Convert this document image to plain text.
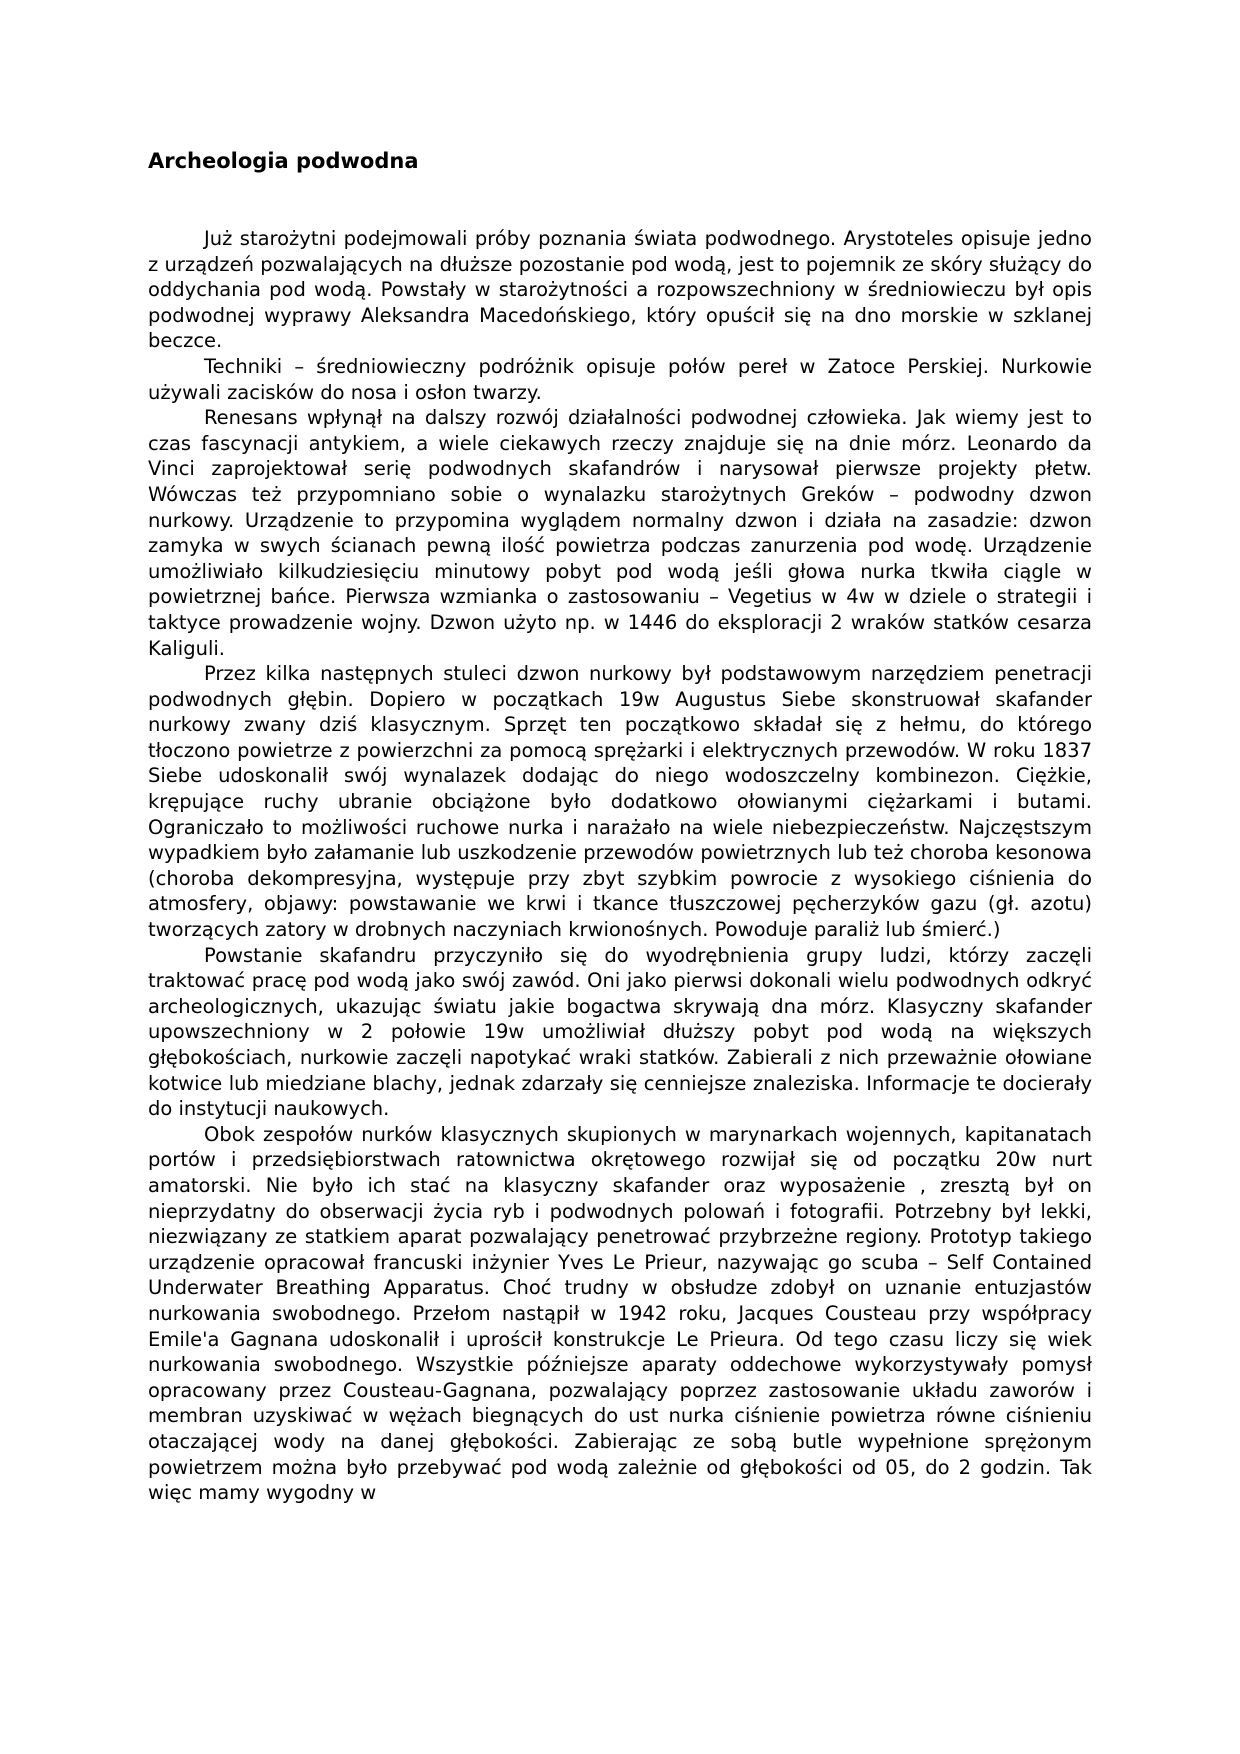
Archeologia podwodna

Już starożytni podejmowali próby poznania świata podwodnego. Arystoteles opisuje jedno z urządzeń pozwalających na dłuższe pozostanie pod wodą, jest to pojemnik ze skóry służący do oddychania pod wodą. Powstały w starożytności a rozpowszechniony w średniowieczu był opis podwodnej wyprawy Aleksandra Macedońskiego, który opuścił się na dno morskie w szklanej beczce.

Techniki – średniowieczny podróżnik opisuje połów pereł w Zatoce Perskiej. Nurkowie używali zacisków do nosa i osłon twarzy.

Renesans wpłynął na dalszy rozwój działalności podwodnej człowieka. Jak wiemy jest to czas fascynacji antykiem, a wiele ciekawych rzeczy znajduje się na dnie mórz. Leonardo da Vinci zaprojektował serię podwodnych skafandrów i narysował pierwsze projekty płetw. Wówczas też przypomniano sobie o wynalazku starożytnych Greków – podwodny dzwon nurkowy. Urządzenie to przypomina wyglądem normalny dzwon i działa na zasadzie: dzwon zamyka w swych ścianach pewną ilość powietrza podczas zanurzenia pod wodę. Urządzenie umożliwiało kilkudziesięciu minutowy pobyt pod wodą jeśli głowa nurka tkwiła ciągle w powietrznej bańce. Pierwsza wzmianka o zastosowaniu – Vegetius w 4w w dziele o strategii i taktyce prowadzenie wojny. Dzwon użyto np. w 1446 do eksploracji 2 wraków statków cesarza Kaliguli.

Przez kilka następnych stuleci dzwon nurkowy był podstawowym narzędziem penetracji podwodnych głębin. Dopiero w początkach 19w Augustus Siebe skonstruował skafander nurkowy zwany dziś klasycznym. Sprzęt ten początkowo składał się z hełmu, do którego tłoczono powietrze z powierzchni za pomocą sprężarki i elektrycznych przewodów. W roku 1837 Siebe udoskonalił swój wynalazek dodając do niego wodoszczelny kombinezon. Ciężkie, krępujące ruchy ubranie obciążone było dodatkowo ołowianymi ciężarkami i butami. Ograniczało to możliwości ruchowe nurka i narażało na wiele niebezpieczeństw. Najczęstszym wypadkiem było załamanie lub uszkodzenie przewodów powietrznych lub też choroba kesonowa (choroba dekompresyjna, występuje przy zbyt szybkim powrocie z wysokiego ciśnienia do atmosfery, objawy: powstawanie we krwi i tkance tłuszczowej pęcherzyków gazu (gł. azotu) tworzących zatory w drobnych naczyniach krwionośnych. Powoduje paraliż lub śmierć.)

Powstanie skafandru przyczyniło się do wyodrębnienia grupy ludzi, którzy zaczęli traktować pracę pod wodą jako swój zawód. Oni jako pierwsi dokonali wielu podwodnych odkryć archeologicznych, ukazując światu jakie bogactwa skrywają dna mórz. Klasyczny skafander upowszechniony w 2 połowie 19w umożliwiał dłuższy pobyt pod wodą na większych głębokościach, nurkowie zaczęli napotykać wraki statków. Zabierali z nich przeważnie ołowiane kotwice lub miedziane blachy, jednak zdarzały się cenniejsze znaleziska. Informacje te docierały do instytucji naukowych.

Obok zespołów nurków klasycznych skupionych w marynarkach wojennych, kapitanatach portów i przedsiębiorstwach ratownictwa okrętowego rozwijał się od początku 20w nurt amatorski. Nie było ich stać na klasyczny skafander oraz wyposażenie , zresztą był on nieprzydatny do obserwacji życia ryb i podwodnych polowań i fotografii. Potrzebny był lekki, niezwiązany ze statkiem aparat pozwalający penetrować przybrzeżne regiony. Prototyp takiego urządzenie opracował francuski inżynier Yves Le Prieur, nazywając go scuba – Self Contained Underwater Breathing Apparatus. Choć trudny w obsłudze zdobył on uznanie entuzjastów nurkowania swobodnego. Przełom nastąpił w 1942 roku, Jacques Cousteau przy współpracy Emile'a Gagnana udoskonalił i uprościł konstrukcje Le Prieura. Od tego czasu liczy się wiek nurkowania swobodnego. Wszystkie późniejsze aparaty oddechowe wykorzystywały pomysł opracowany przez Cousteau-Gagnana, pozwalający poprzez zastosowanie układu zaworów i membran uzyskiwać w wężach biegnących do ust nurka ciśnienie powietrza równe ciśnieniu otaczającej wody na danej głębokości. Zabierając ze sobą butle wypełnione sprężonym powietrzem można było przebywać pod wodą zależnie od głębokości od 05, do 2 godzin. Tak więc mamy wygodny w
